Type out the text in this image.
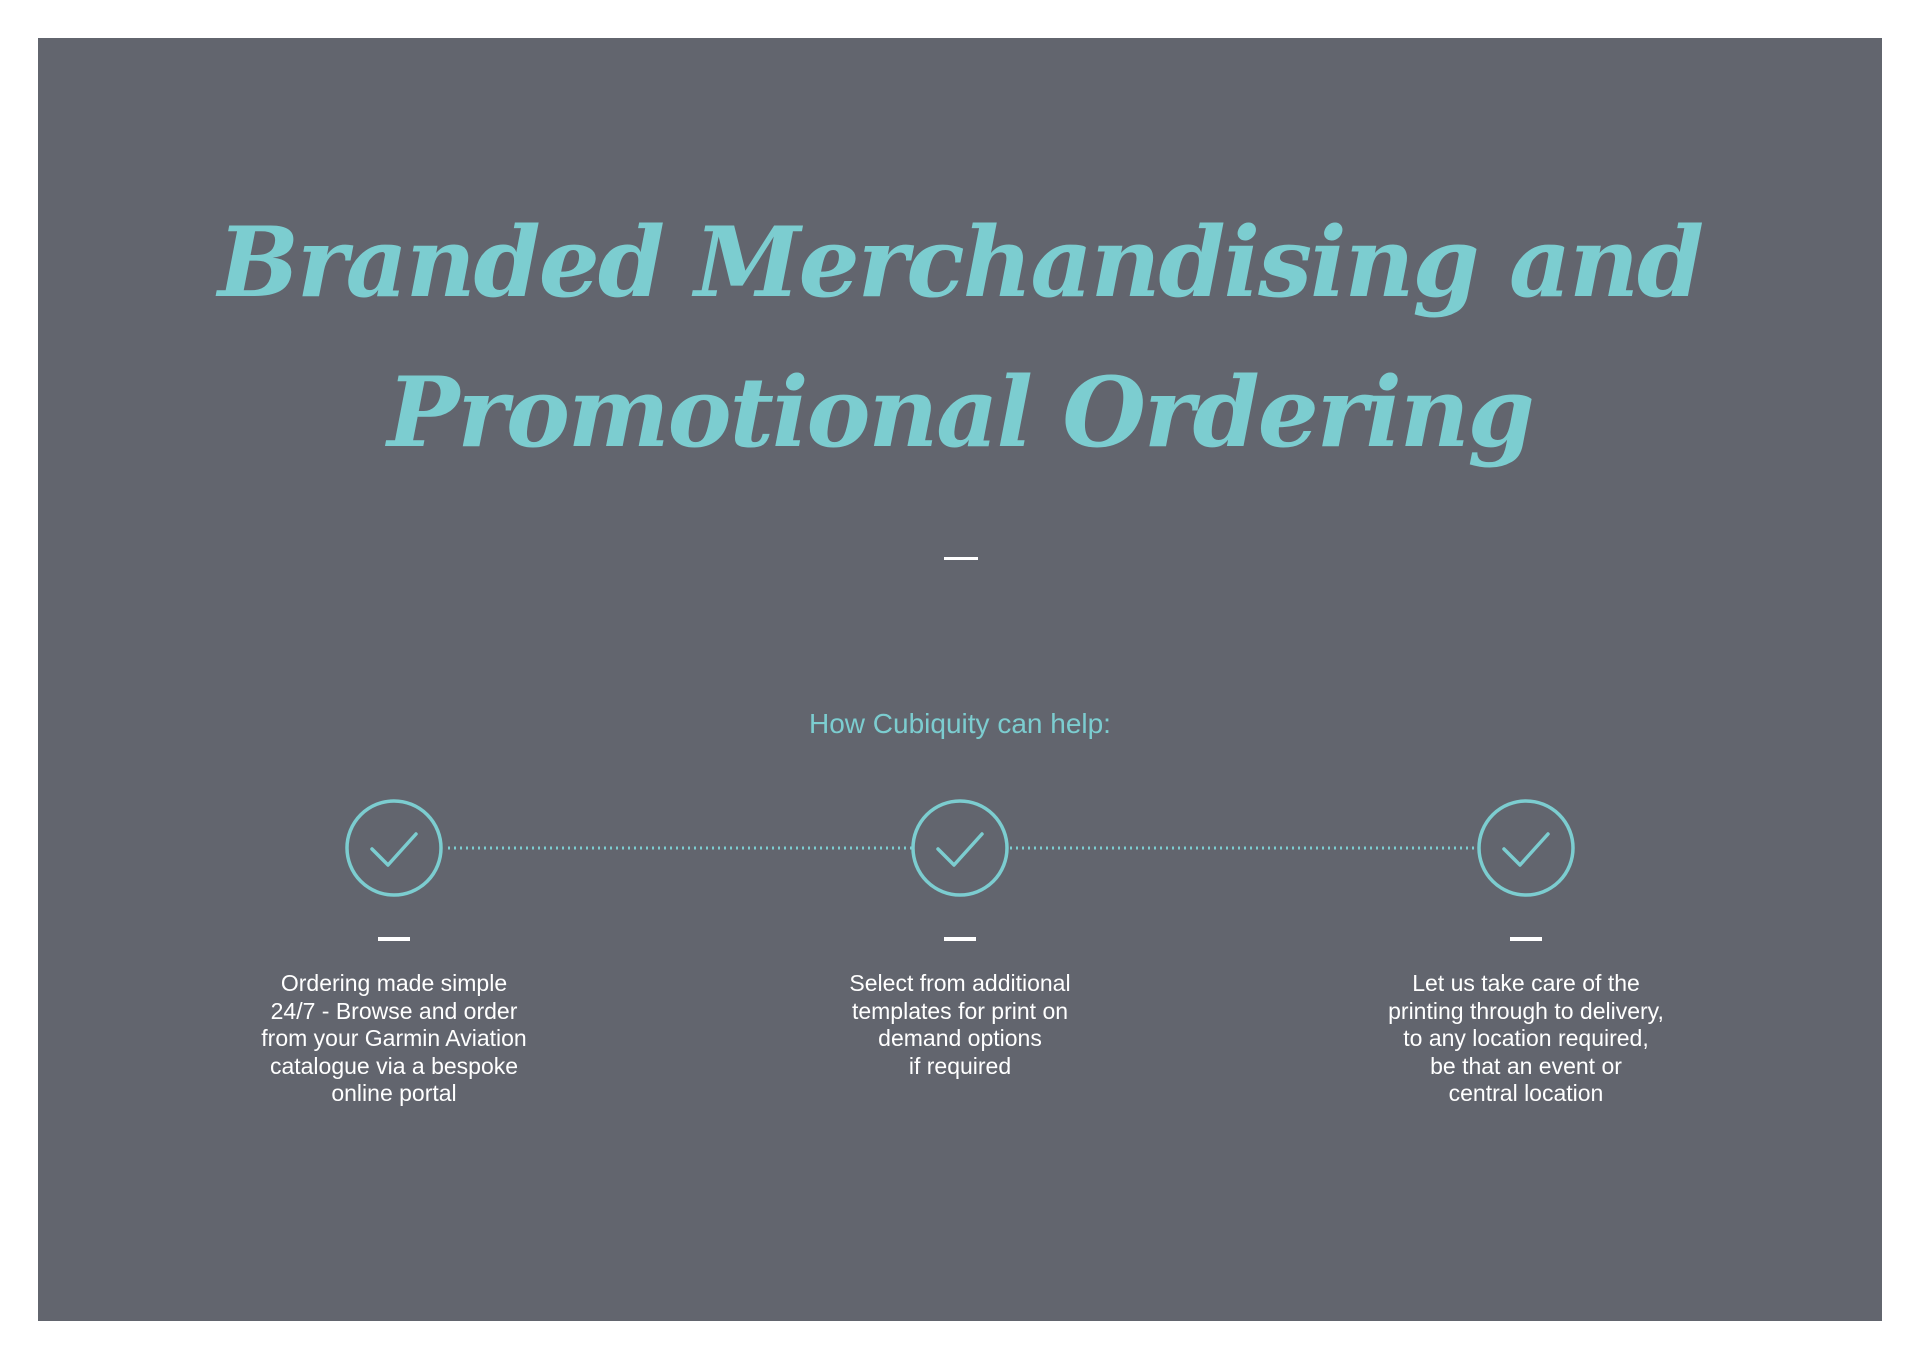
Branded Merchandising and
Promotional Ordering
How Cubiquity can help:
Ordering made simple
24/7 - Browse and order
from your Garmin Aviation
catalogue via a bespoke
online portal
Select from additional
templates for print on
demand options
if required
Let us take care of the
printing through to delivery,
to any location required,
be that an event or
central location
